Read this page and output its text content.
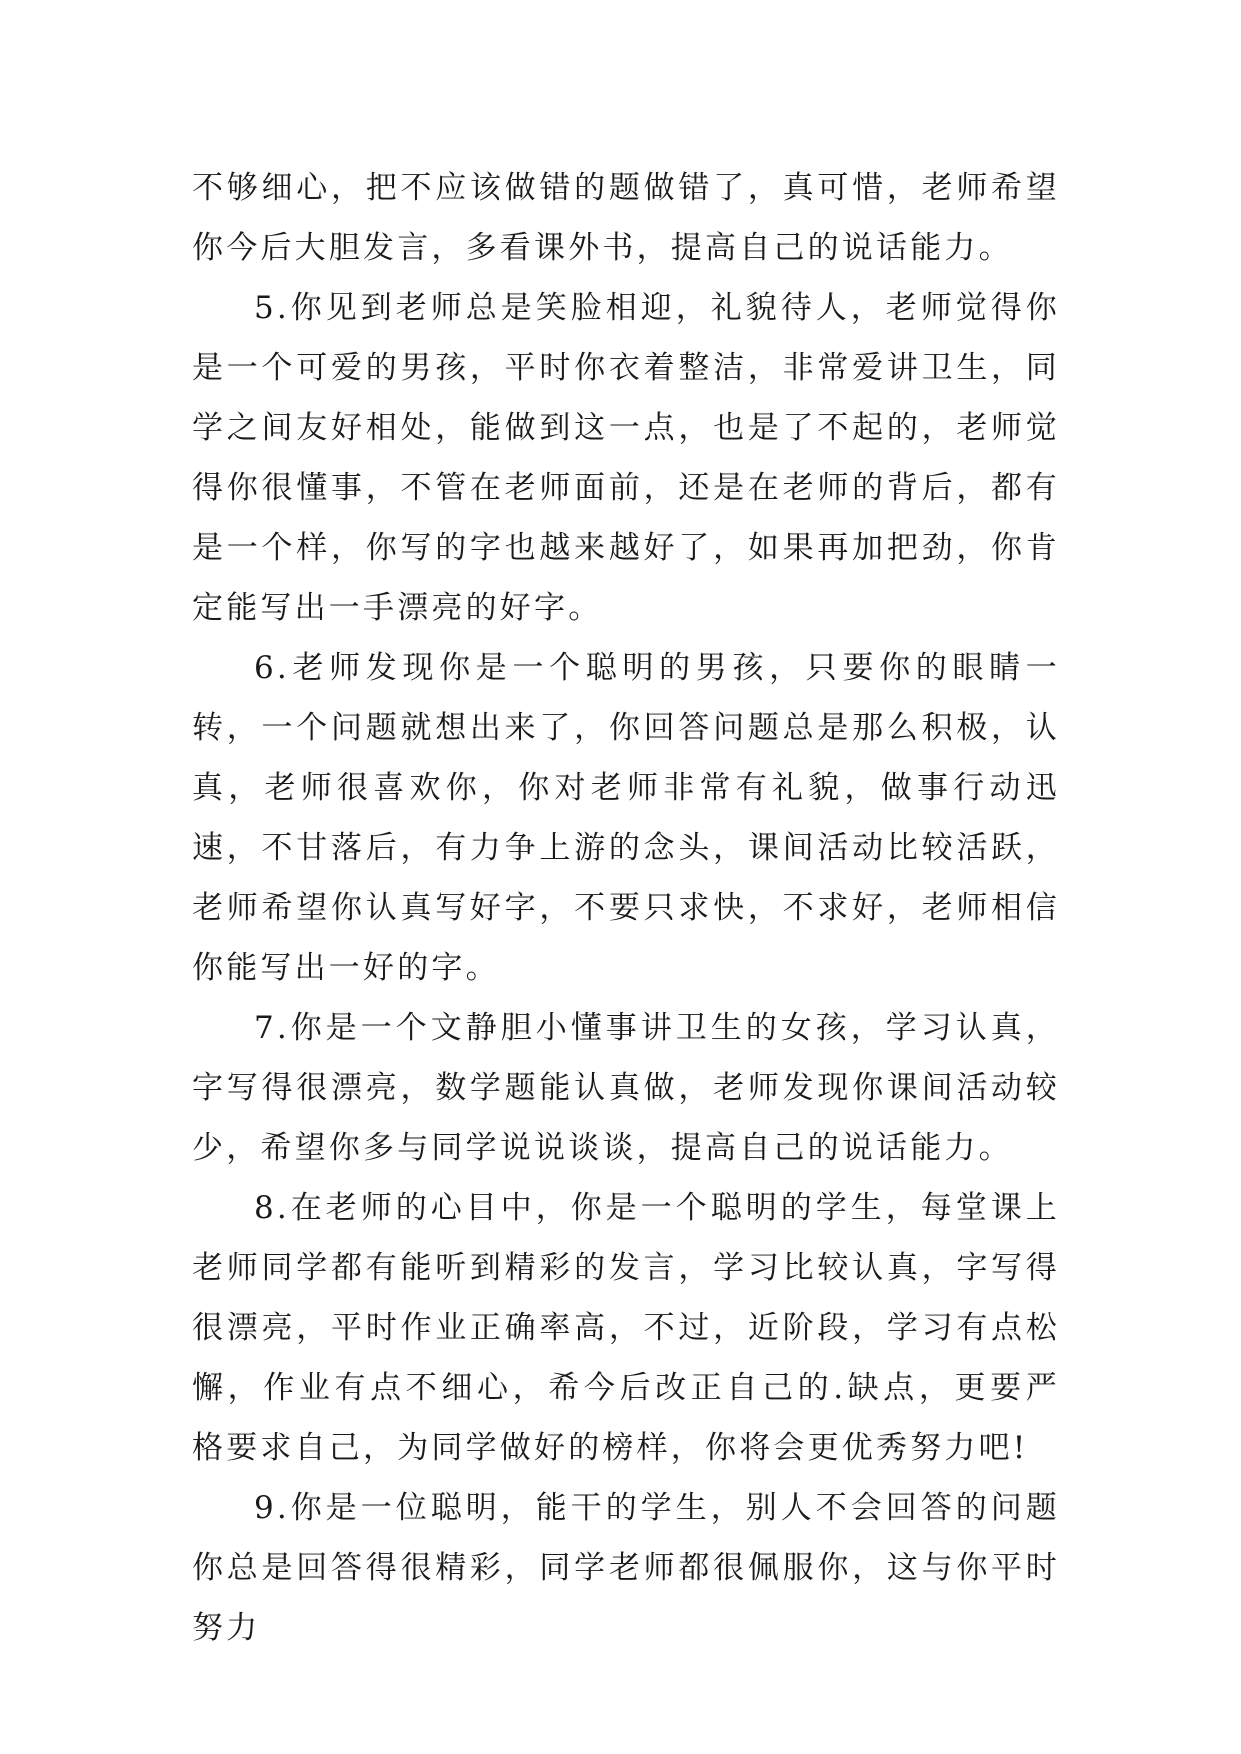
不够细心，把不应该做错的题做错了，真可惜，老师希望你今后大胆发言，多看课外书，提高自己的说话能力。

5.你见到老师总是笑脸相迎，礼貌待人，老师觉得你是一个可爱的男孩，平时你衣着整洁，非常爱讲卫生，同学之间友好相处，能做到这一点，也是了不起的，老师觉得你很懂事，不管在老师面前，还是在老师的背后，都有是一个样，你写的字也越来越好了，如果再加把劲，你肯定能写出一手漂亮的好字。

6.老师发现你是一个聪明的男孩，只要你的眼睛一转，一个问题就想出来了，你回答问题总是那么积极，认真，老师很喜欢你，你对老师非常有礼貌，做事行动迅速，不甘落后，有力争上游的念头，课间活动比较活跃，老师希望你认真写好字，不要只求快，不求好，老师相信你能写出一好的字。

7.你是一个文静胆小懂事讲卫生的女孩，学习认真，字写得很漂亮，数学题能认真做，老师发现你课间活动较少，希望你多与同学说说谈谈，提高自己的说话能力。

8.在老师的心目中，你是一个聪明的学生，每堂课上老师同学都有能听到精彩的发言，学习比较认真，字写得很漂亮，平时作业正确率高，不过，近阶段，学习有点松懈，作业有点不细心，希今后改正自己的.缺点，更要严格要求自己，为同学做好的榜样，你将会更优秀努力吧!

9.你是一位聪明，能干的学生，别人不会回答的问题你总是回答得很精彩，同学老师都很佩服你，这与你平时努力
